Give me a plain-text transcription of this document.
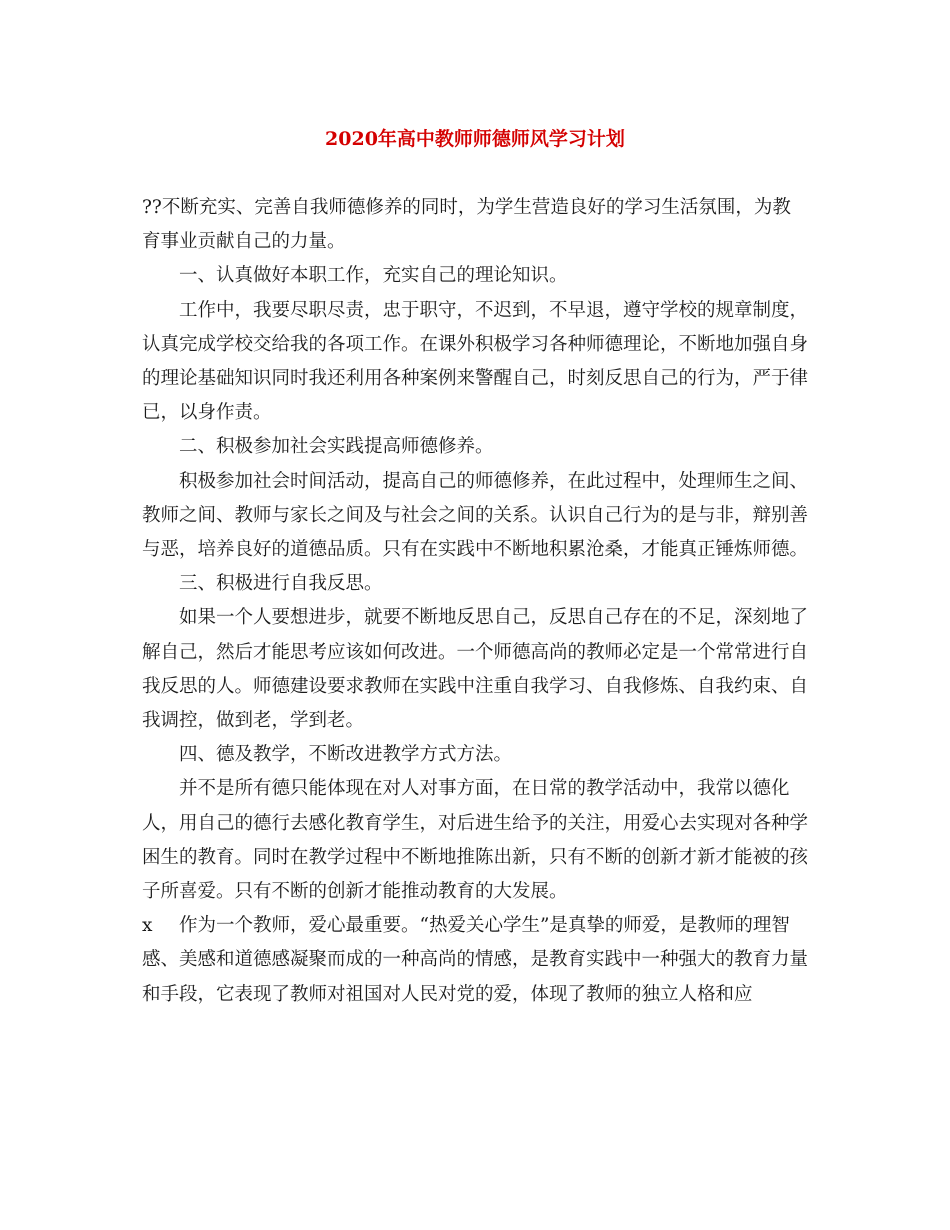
2020年高中教师师德师风学习计划

??不断充实、完善自我师德修养的同时，为学生营造良好的学习生活氛围，为教育事业贡献自己的力量。

一、认真做好本职工作，充实自己的理论知识。

工作中，我要尽职尽责，忠于职守，不迟到，不早退，遵守学校的规章制度，认真完成学校交给我的各项工作。在课外积极学习各种师德理论，不断地加强自身的理论基础知识同时我还利用各种案例来警醒自己，时刻反思自己的行为，严于律已，以身作责。

二、积极参加社会实践提高师德修养。

积极参加社会时间活动，提高自己的师德修养，在此过程中，处理师生之间、教师之间、教师与家长之间及与社会之间的关系。认识自己行为的是与非，辩别善与恶，培养良好的道德品质。只有在实践中不断地积累沧桑，才能真正锤炼师德。

三、积极进行自我反思。

如果一个人要想进步，就要不断地反思自己，反思自己存在的不足，深刻地了解自己，然后才能思考应该如何改进。一个师德高尚的教师必定是一个常常进行自我反思的人。师德建设要求教师在实践中注重自我学习、自我修炼、自我约束、自我调控，做到老，学到老。

四、德及教学，不断改进教学方式方法。

并不是所有德只能体现在对人对事方面，在日常的教学活动中，我常以德化人，用自己的德行去感化教育学生，对后进生给予的关注，用爱心去实现对各种学困生的教育。同时在教学过程中不断地推陈出新，只有不断的创新才新才能被的孩子所喜爱。只有不断的创新才能推动教育的大发展。

x 作为一个教师，爱心最重要。“热爱关心学生”是真挚的师爱，是教师的理智感、美感和道德感凝聚而成的一种高尚的情感，是教育实践中一种强大的教育力量和手段，它表现了教师对祖国对人民对党的爱，体现了教师的独立人格和应
